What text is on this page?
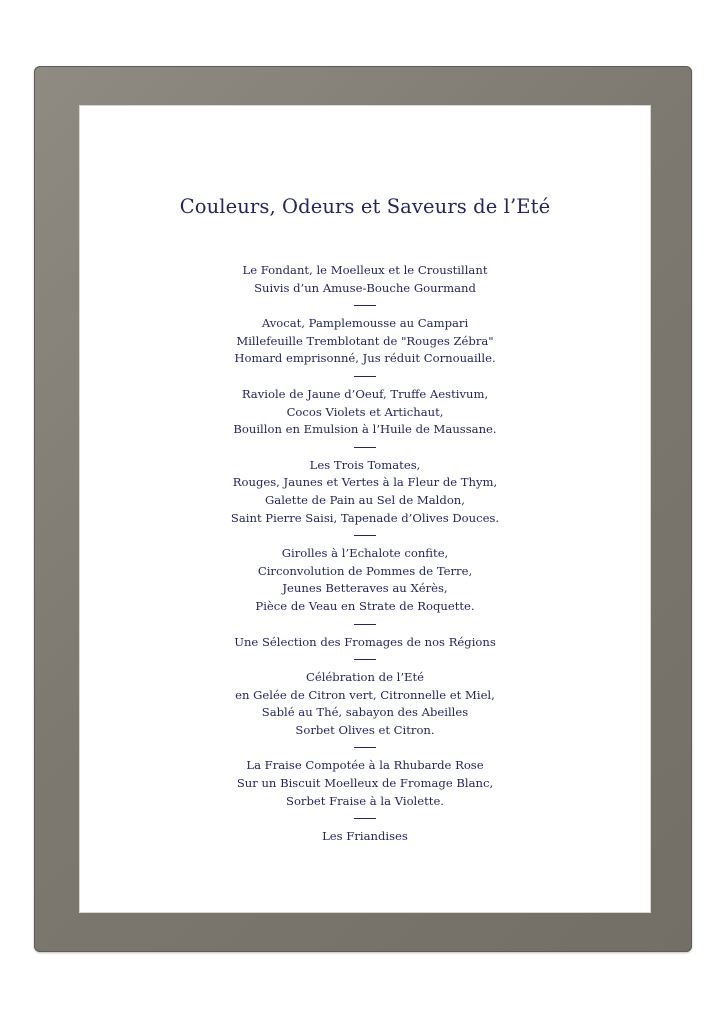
Couleurs, Odeurs et Saveurs de l’Eté
Le Fondant, le Moelleux et le Croustillant
Suivis d’un Amuse-Bouche Gourmand
Avocat, Pamplemousse au Campari
Millefeuille Tremblotant de "Rouges Zébra"
Homard emprisonné, Jus réduit Cornouaille.
Raviole de Jaune d’Oeuf, Truffe Aestivum,
Cocos Violets et Artichaut,
Bouillon en Emulsion à l’Huile de Maussane.
Les Trois Tomates,
Rouges, Jaunes et Vertes à la Fleur de Thym,
Galette de Pain au Sel de Maldon,
Saint Pierre Saisi, Tapenade d’Olives Douces.
Girolles à l’Echalote confite,
Circonvolution de Pommes de Terre,
Jeunes Betteraves au Xérès,
Pièce de Veau en Strate de Roquette.
Une Sélection des Fromages de nos Régions
Célébration de l’Eté
en Gelée de Citron vert, Citronnelle et Miel,
Sablé au Thé, sabayon des Abeilles
Sorbet Olives et Citron.
La Fraise Compotée à la Rhubarde Rose
Sur un Biscuit Moelleux de Fromage Blanc,
Sorbet Fraise à la Violette.
Les Friandises
